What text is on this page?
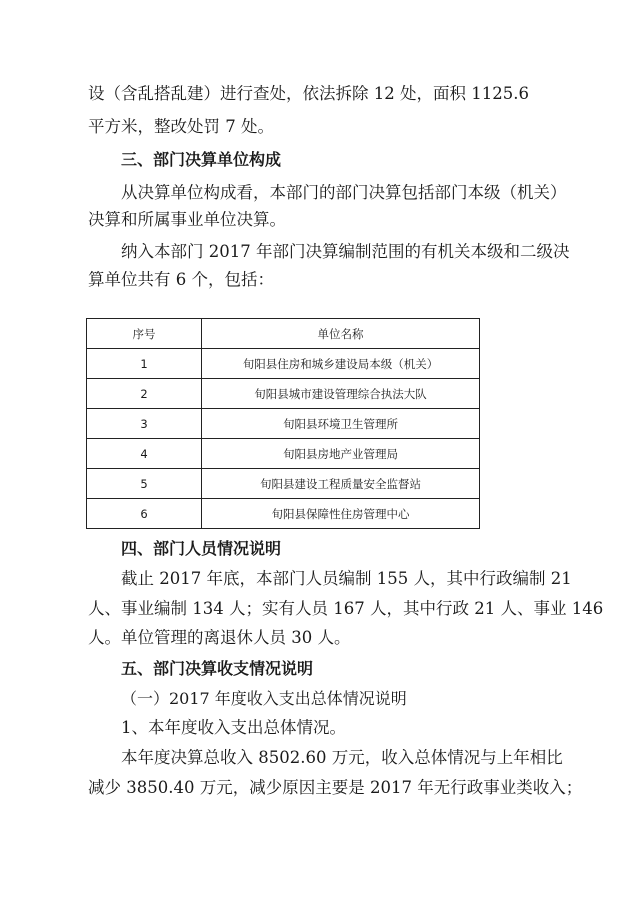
设（含乱搭乱建）进行查处，依法拆除 12 处，面积 1125.6
平方米，整改处罚 7 处。
三、部门决算单位构成
从决算单位构成看，本部门的部门决算包括部门本级（机关）
决算和所属事业单位决算。
纳入本部门 2017 年部门决算编制范围的有机关本级和二级决
算单位共有 6 个，包括：
序号	单位名称
1	旬阳县住房和城乡建设局本级（机关）
2	旬阳县城市建设管理综合执法大队
3	旬阳县环境卫生管理所
4	旬阳县房地产业管理局
5	旬阳县建设工程质量安全监督站
6	旬阳县保障性住房管理中心
四、部门人员情况说明
截止 2017 年底，本部门人员编制 155 人，其中行政编制 21
人、事业编制 134 人；实有人员 167 人，其中行政 21 人、事业 146
人。单位管理的离退休人员 30 人。
五、部门决算收支情况说明
（一）2017 年度收入支出总体情况说明
1、本年度收入支出总体情况。
本年度决算总收入 8502.60 万元，收入总体情况与上年相比
减少 3850.40 万元，减少原因主要是 2017 年无行政事业类收入；
